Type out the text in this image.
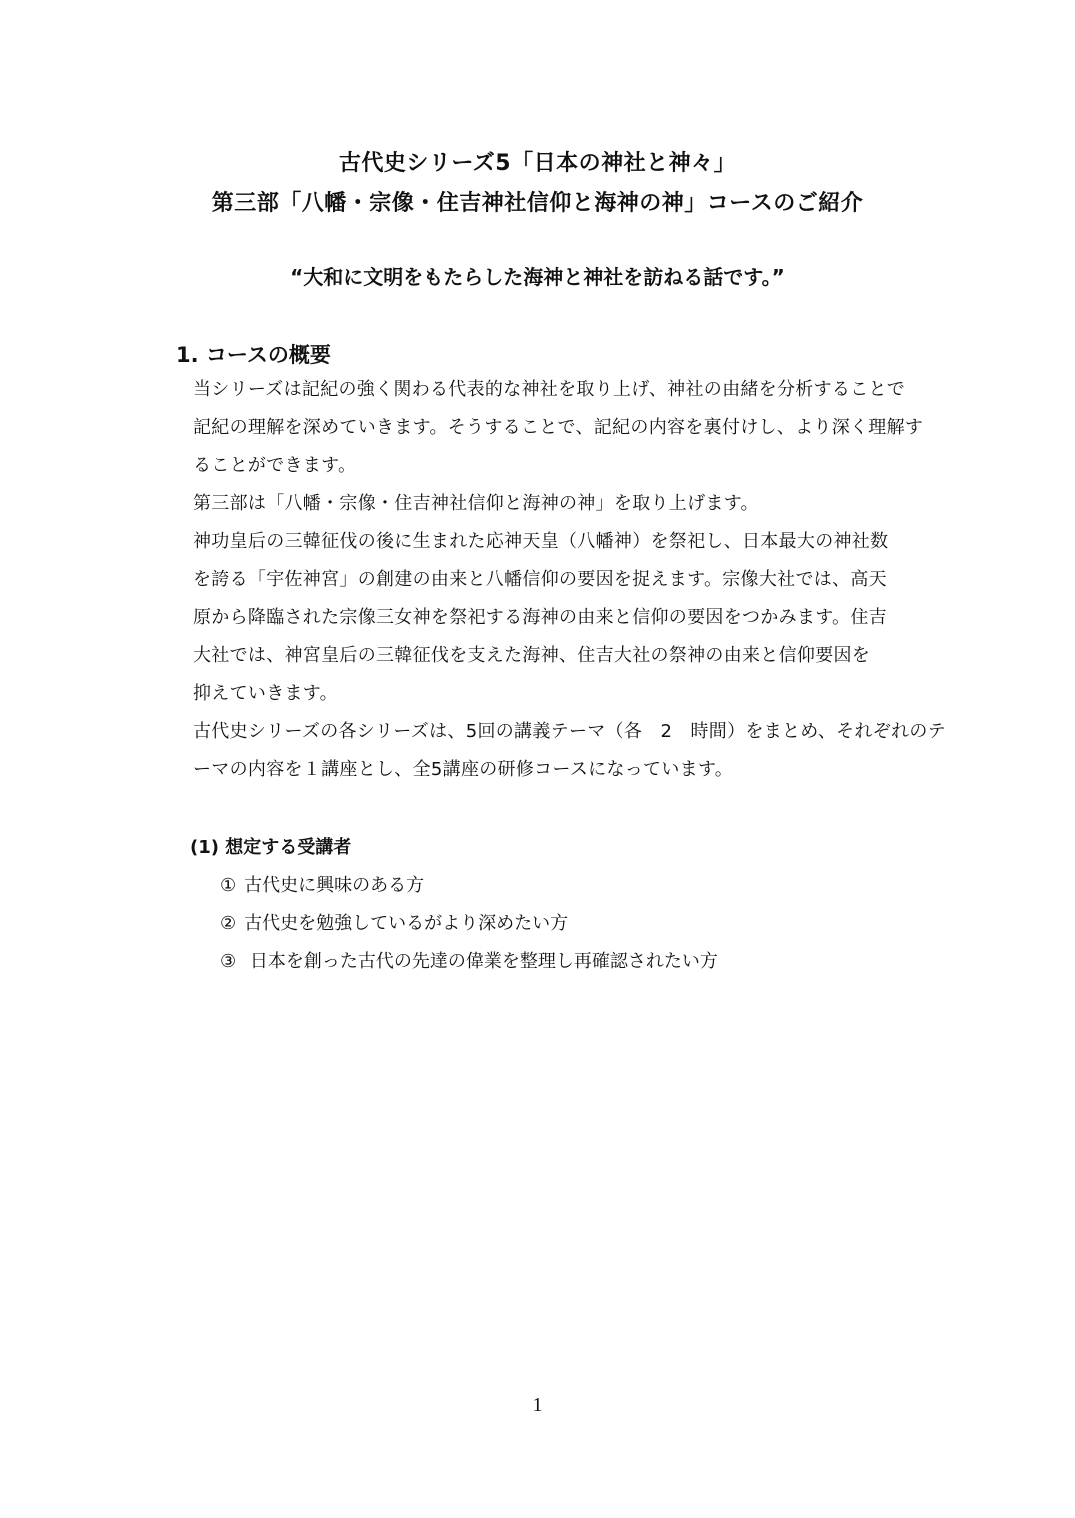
古代史シリーズ5「日本の神社と神々」
第三部「八幡・宗像・住吉神社信仰と海神の神」コースのご紹介
“大和に文明をもたらした海神と神社を訪ねる話です。”
1. コースの概要
当シリーズは記紀の強く関わる代表的な神社を取り上げ、神社の由緒を分析することで
記紀の理解を深めていきます。そうすることで、記紀の内容を裏付けし、より深く理解す
ることができます。
第三部は「八幡・宗像・住吉神社信仰と海神の神」を取り上げます。
神功皇后の三韓征伐の後に生まれた応神天皇（八幡神）を祭祀し、日本最大の神社数
を誇る「宇佐神宮」の創建の由来と八幡信仰の要因を捉えます。宗像大社では、高天
原から降臨された宗像三女神を祭祀する海神の由来と信仰の要因をつかみます。住吉
大社では、神宮皇后の三韓征伐を支えた海神、住吉大社の祭神の由来と信仰要因を
抑えていきます。
古代史シリーズの各シリーズは、5回の講義テーマ（各　2　時間）をまとめ、それぞれのテ
ーマの内容を１講座とし、全5講座の研修コースになっています。
(1) 想定する受講者
① 古代史に興味のある方
② 古代史を勉強しているがより深めたい方
③ 日本を創った古代の先達の偉業を整理し再確認されたい方
1
